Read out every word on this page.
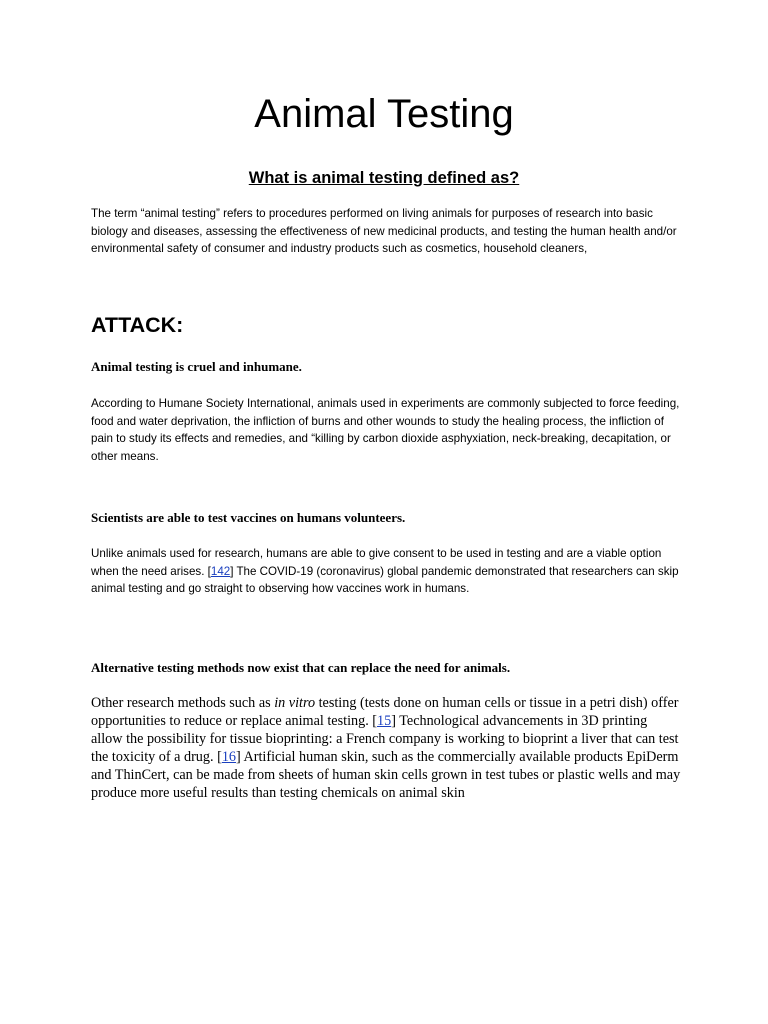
Animal Testing
What is animal testing defined as?

The term “animal testing” refers to procedures performed on living animals for purposes of research into basic biology and diseases, assessing the effectiveness of new medicinal products, and testing the human health and/or environmental safety of consumer and industry products such as cosmetics, household cleaners,

ATTACK:
Animal testing is cruel and inhumane.

According to Humane Society International, animals used in experiments are commonly subjected to force feeding, food and water deprivation, the infliction of burns and other wounds to study the healing process, the infliction of pain to study its effects and remedies, and “killing by carbon dioxide asphyxiation, neck-breaking, decapitation, or other means.

Scientists are able to test vaccines on humans volunteers.

Unlike animals used for research, humans are able to give consent to be used in testing and are a viable option when the need arises. [142] The COVID-19 (coronavirus) global pandemic demonstrated that researchers can skip animal testing and go straight to observing how vaccines work in humans.

Alternative testing methods now exist that can replace the need for animals.

Other research methods such as in vitro testing (tests done on human cells or tissue in a petri dish) offer opportunities to reduce or replace animal testing. [15] Technological advancements in 3D printing allow the possibility for tissue bioprinting: a French company is working to bioprint a liver that can test the toxicity of a drug. [16] Artificial human skin, such as the commercially available products EpiDerm and ThinCert, can be made from sheets of human skin cells grown in test tubes or plastic wells and may produce more useful results than testing chemicals on animal skin
